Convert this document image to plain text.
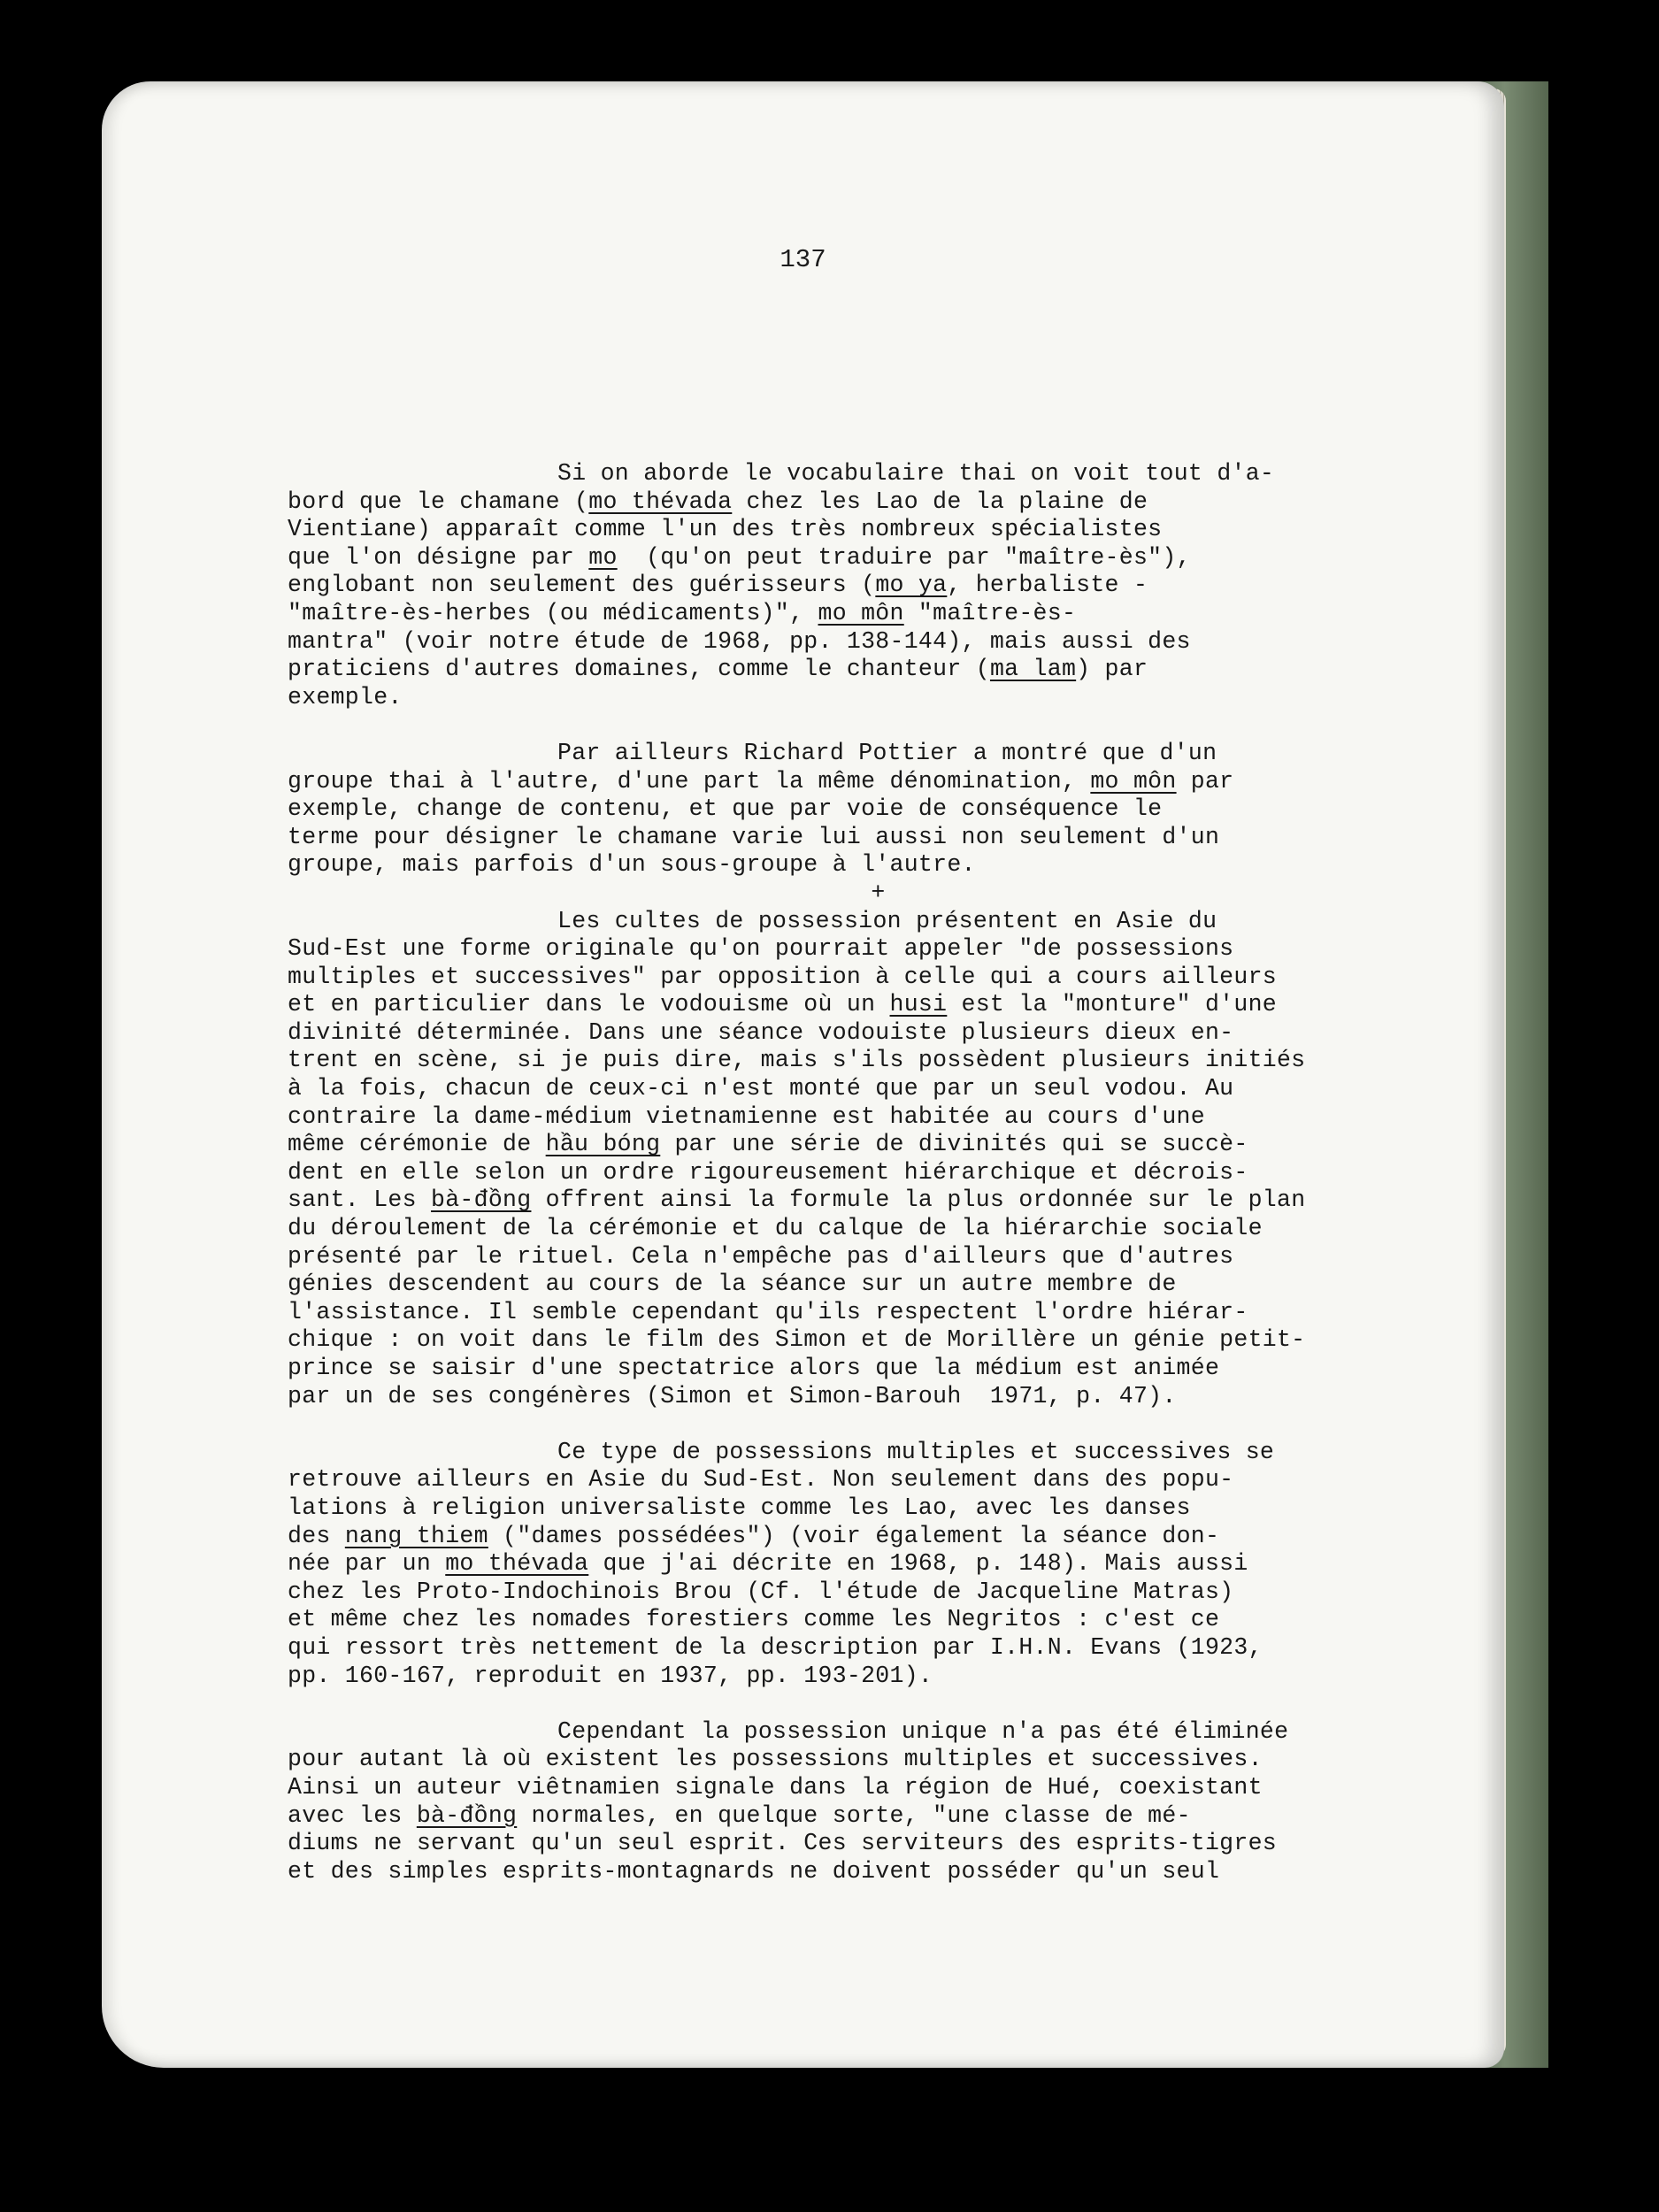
137
Si on aborde le vocabulaire thai on voit tout d'a-
bord que le chamane (mo thévada chez les Lao de la plaine de
Vientiane) apparaît comme l'un des très nombreux spécialistes
que l'on désigne par mo  (qu'on peut traduire par "maître-ès"),
englobant non seulement des guérisseurs (mo ya, herbaliste -
"maître-ès-herbes (ou médicaments)", mo môn "maître-ès-
mantra" (voir notre étude de 1968, pp. 138-144), mais aussi des
praticiens d'autres domaines, comme le chanteur (ma lam) par
exemple.
Par ailleurs Richard Pottier a montré que d'un
groupe thai à l'autre, d'une part la même dénomination, mo môn par
exemple, change de contenu, et que par voie de conséquence le
terme pour désigner le chamane varie lui aussi non seulement d'un
groupe, mais parfois d'un sous-groupe à l'autre.
+
Les cultes de possession présentent en Asie du
Sud-Est une forme originale qu'on pourrait appeler "de possessions
multiples et successives" par opposition à celle qui a cours ailleurs
et en particulier dans le vodouisme où un husi est la "monture" d'une
divinité déterminée. Dans une séance vodouiste plusieurs dieux en-
trent en scène, si je puis dire, mais s'ils possèdent plusieurs initiés
à la fois, chacun de ceux-ci n'est monté que par un seul vodou. Au
contraire la dame-médium vietnamienne est habitée au cours d'une
même cérémonie de hầu bóng par une série de divinités qui se succè-
dent en elle selon un ordre rigoureusement hiérarchique et décrois-
sant. Les bà-đồng offrent ainsi la formule la plus ordonnée sur le plan
du déroulement de la cérémonie et du calque de la hiérarchie sociale
présenté par le rituel. Cela n'empêche pas d'ailleurs que d'autres
génies descendent au cours de la séance sur un autre membre de
l'assistance. Il semble cependant qu'ils respectent l'ordre hiérar-
chique : on voit dans le film des Simon et de Morillère un génie petit-
prince se saisir d'une spectatrice alors que la médium est animée
par un de ses congénères (Simon et Simon-Barouh  1971, p. 47).
Ce type de possessions multiples et successives se
retrouve ailleurs en Asie du Sud-Est. Non seulement dans des popu-
lations à religion universaliste comme les Lao, avec les danses
des nang thiem ("dames possédées") (voir également la séance don-
née par un mo thévada que j'ai décrite en 1968, p. 148). Mais aussi
chez les Proto-Indochinois Brou (Cf. l'étude de Jacqueline Matras)
et même chez les nomades forestiers comme les Negritos : c'est ce
qui ressort très nettement de la description par I.H.N. Evans (1923,
pp. 160-167, reproduit en 1937, pp. 193-201).
Cependant la possession unique n'a pas été éliminée
pour autant là où existent les possessions multiples et successives.
Ainsi un auteur viêtnamien signale dans la région de Hué, coexistant
avec les bà-đồng normales, en quelque sorte, "une classe de mé-
diums ne servant qu'un seul esprit. Ces serviteurs des esprits-tigres
et des simples esprits-montagnards ne doivent posséder qu'un seul
